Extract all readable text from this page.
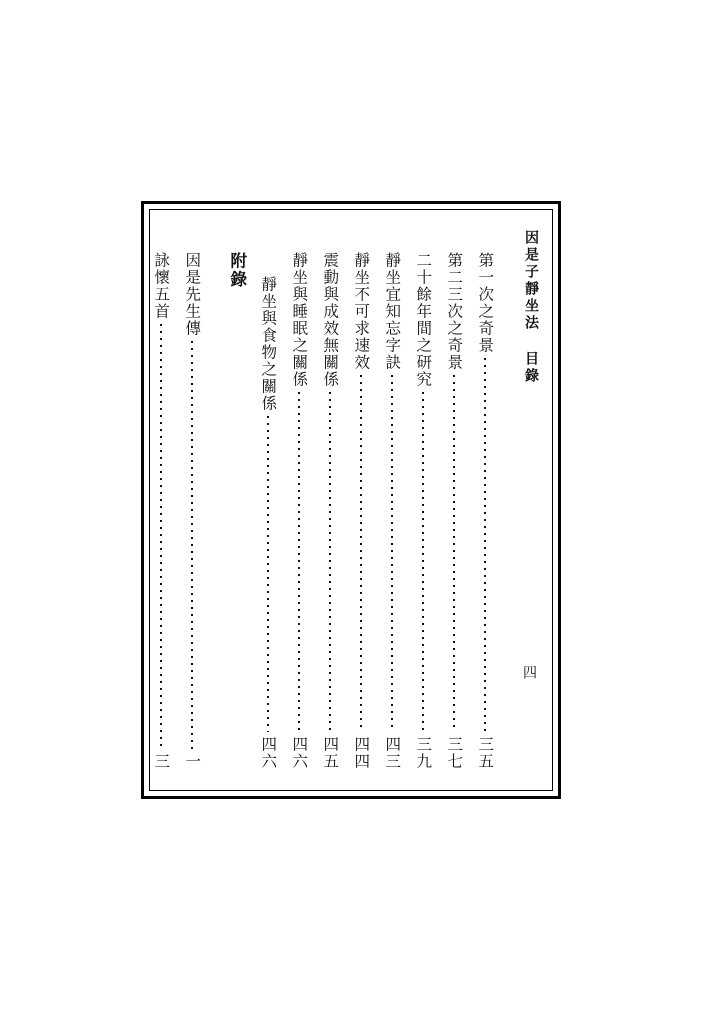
因是子靜坐法 目錄
四
第一次之奇景
三五
第二三次之奇景
三七
二十餘年間之研究
三九
靜坐宜知忘字訣
四三
靜坐不可求速效
四四
震動與成效無關係
四五
靜坐與睡眠之關係
四六
靜坐與食物之關係
四六
附錄
因是先生傳
一
詠懷五首
三
